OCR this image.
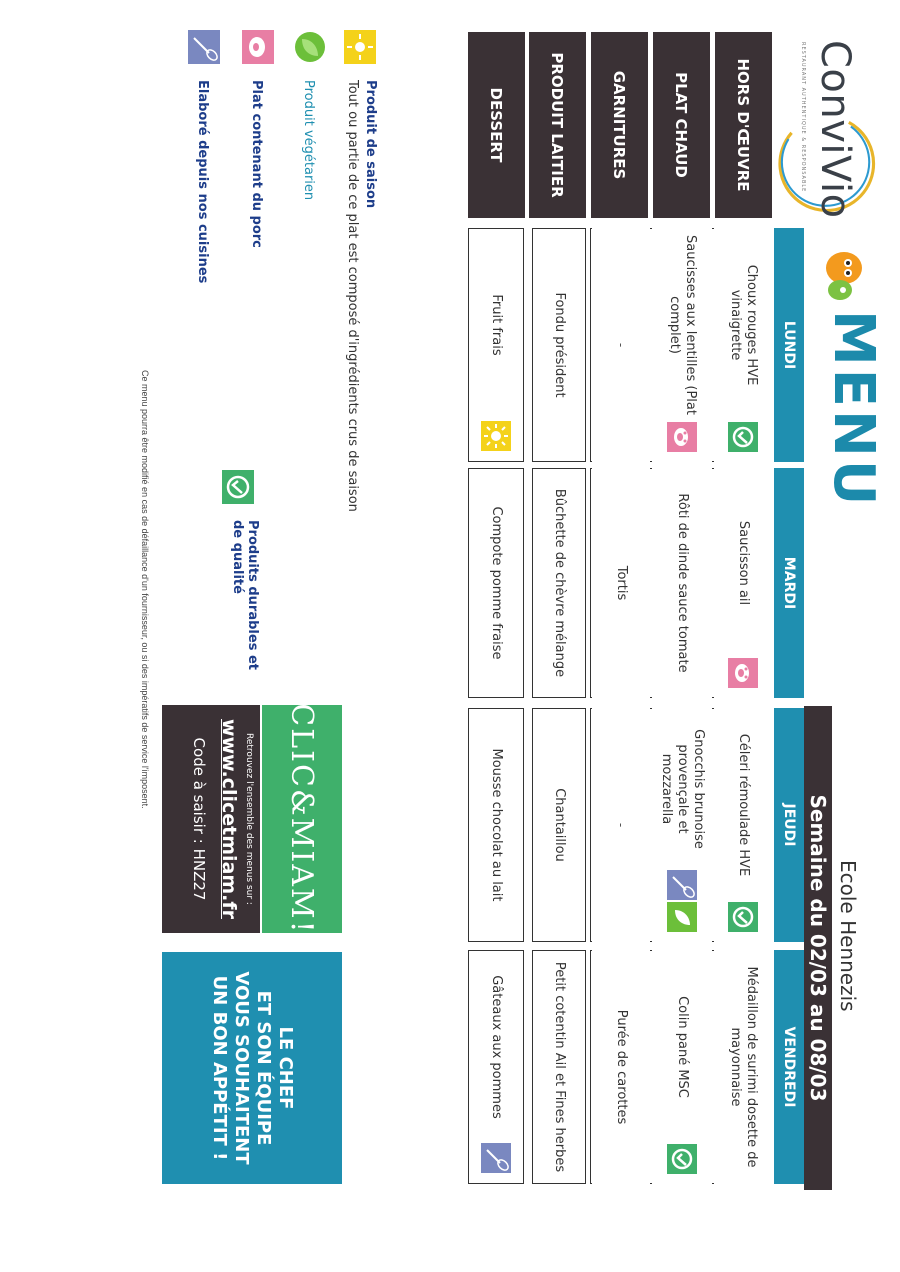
ConviVio
RESTAURANT AUTHENTIQUE & RESPONSABLE
MENU
Ecole Hennezis
Semaine du 02/03 au 08/03
HORS D'ŒUVRE
PLAT CHAUD
GARNITURES
PRODUIT LAITIER
DESSERT
LUNDI
MARDI
JEUDI
VENDREDI
Choux rouges HVE vinaigrette
Saucisses aux lentilles (Plat complet)
-
Fondu président
Fruit frais
Saucisson ail
Rôti de dinde sauce tomate
Tortis
Bûchette de chèvre mélange
Compote pomme fraise
Céleri rémoulade HVE
Gnocchis brunoise provençale et mozzarella
-
Chantaillou
Mousse chocolat au lait
Médaillon de surimi dosette de mayonnaise
Colin pané MSC
Purée de carottes
Petit cotentin Ail et Fines herbes
Gâteaux aux pommes
Produit de saison
Tout ou partie de ce plat est composé d'ingrédients crus de saison
Produit végétarien
Plat contenant du porc
Elaboré depuis nos cuisines
Produits durables et de qualité
CLIC&MIAM!
Retrouvez l'ensemble des menus sur :
www.clicetmiam.fr
Code à saisir : HNZ27
LE CHEF
ET SON ÉQUIPE
VOUS SOUHAITENT
UN BON APPÉTIT !
Ce menu pourra être modifié en cas de défaillance d'un fournisseur, ou si des impératifs de service l'imposent.
